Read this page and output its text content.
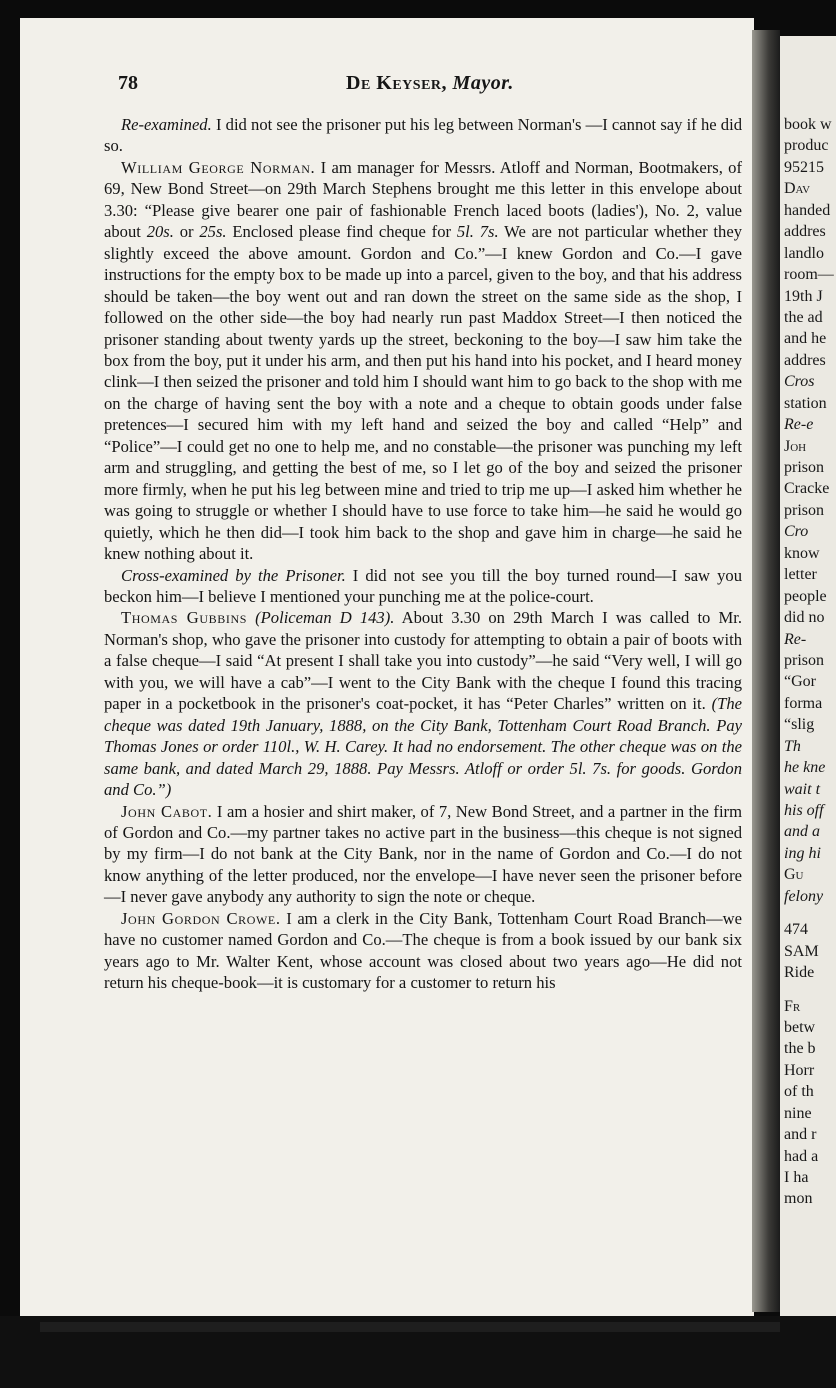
78	De Keyser, Mayor.

Re-examined. I did not see the prisoner put his leg between Norman's —I cannot say if he did so.

William George Norman. I am manager for Messrs. Atloff and Norman, Bootmakers, of 69, New Bond Street—on 29th March Stephens brought me this letter in this envelope about 3.30: “Please give bearer one pair of fashionable French laced boots (ladies'), No. 2, value about 20s. or 25s. Enclosed please find cheque for 5l. 7s. We are not particular whether they slightly exceed the above amount. Gordon and Co.”—I knew Gordon and Co.—I gave instructions for the empty box to be made up into a parcel, given to the boy, and that his address should be taken—the boy went out and ran down the street on the same side as the shop, I followed on the other side—the boy had nearly run past Maddox Street—I then noticed the prisoner standing about twenty yards up the street, beckoning to the boy—I saw him take the box from the boy, put it under his arm, and then put his hand into his pocket, and I heard money clink—I then seized the prisoner and told him I should want him to go back to the shop with me on the charge of having sent the boy with a note and a cheque to obtain goods under false pretences—I secured him with my left hand and seized the boy and called “Help” and “Police”—I could get no one to help me, and no constable—the prisoner was punching my left arm and struggling, and getting the best of me, so I let go of the boy and seized the prisoner more firmly, when he put his leg between mine and tried to trip me up—I asked him whether he was going to struggle or whether I should have to use force to take him—he said he would go quietly, which he then did—I took him back to the shop and gave him in charge—he said he knew nothing about it.

Cross-examined by the Prisoner. I did not see you till the boy turned round—I saw you beckon him—I believe I mentioned your punching me at the police-court.

Thomas Gubbins (Policeman D 143). About 3.30 on 29th March I was called to Mr. Norman's shop, who gave the prisoner into custody for attempting to obtain a pair of boots with a false cheque—I said “At present I shall take you into custody”—he said “Very well, I will go with you, we will have a cab”—I went to the City Bank with the cheque I found this tracing paper in a pocketbook in the prisoner's coat-pocket, it has “Peter Charles” written on it. (The cheque was dated 19th January, 1888, on the City Bank, Tottenham Court Road Branch. Pay Thomas Jones or order 110l., W. H. Carey. It had no endorsement. The other cheque was on the same bank, and dated March 29, 1888. Pay Messrs. Atloff or order 5l. 7s. for goods. Gordon and Co.”)

John Cabot. I am a hosier and shirt maker, of 7, New Bond Street, and a partner in the firm of Gordon and Co.—my partner takes no active part in the business—this cheque is not signed by my firm—I do not bank at the City Bank, nor in the name of Gordon and Co.—I do not know anything of the letter produced, nor the envelope—I have never seen the prisoner before—I never gave anybody any authority to sign the note or cheque.

John Gordon Crowe. I am a clerk in the City Bank, Tottenham Court Road Branch—we have no customer named Gordon and Co.—The cheque is from a book issued by our bank six years ago to Mr. Walter Kent, whose account was closed about two years ago—He did not return his cheque-book—it is customary for a customer to return his

book w
produc
95215
Dav
handed
addres
landlo
room—
19th J
the ad
and he
addres
Cros
station
Re-e
Joh
prison
Cracke
prison
Cro
know
letter
people
did no
Re-
prison
“Gor
forma
“slig
Th
he kne
wait t
his off
and a
ing hi
Gu
felony
474
SAM
Ride
Fr
betw
the b
Horr
of th
nine
and r
had a
I ha
mon
